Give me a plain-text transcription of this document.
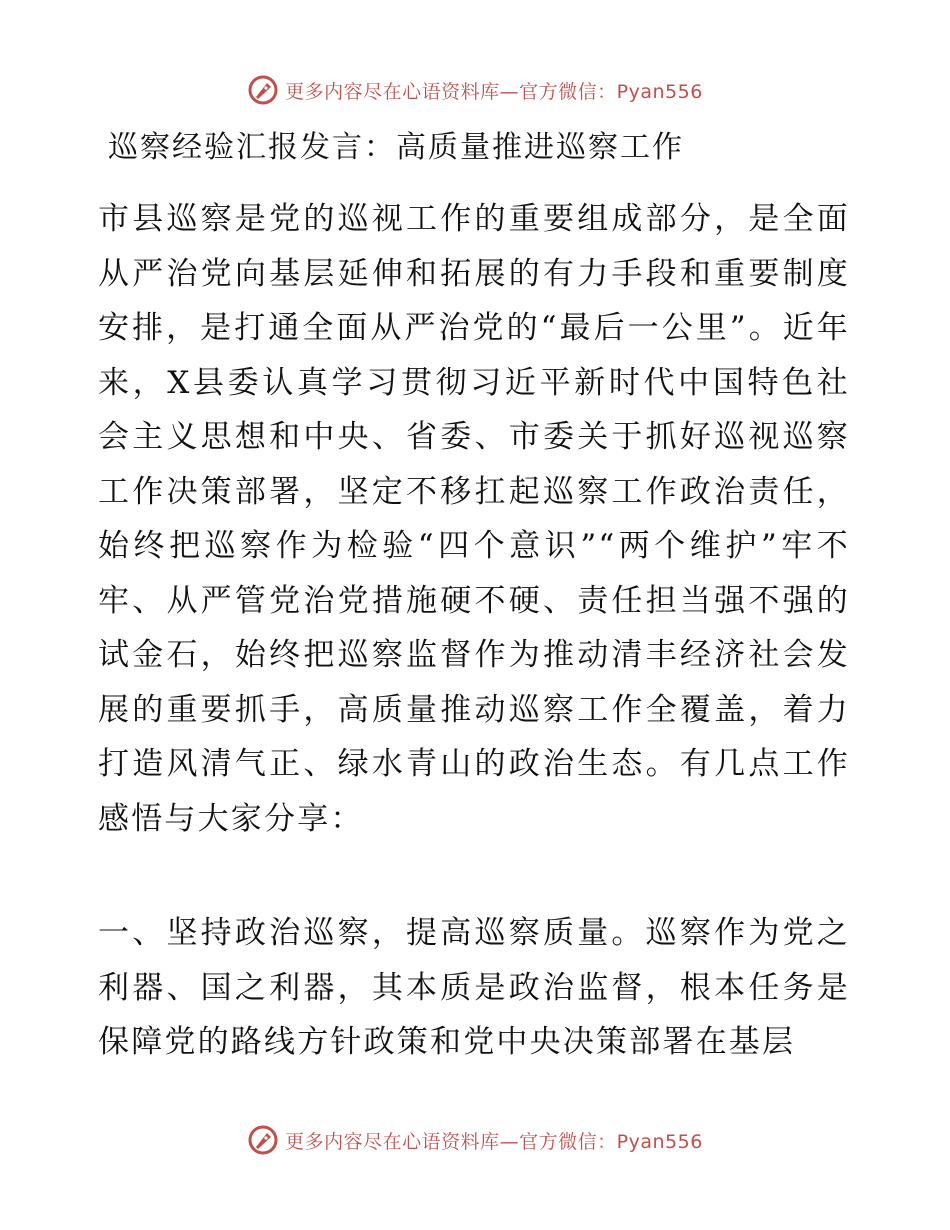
更多内容尽在心语资料库—官方微信：Pyan556
巡察经验汇报发言：高质量推进巡察工作

市县巡察是党的巡视工作的重要组成部分，是全面从严治党向基层延伸和拓展的有力手段和重要制度安排，是打通全面从严治党的“最后一公里”。近年来，X县委认真学习贯彻习近平新时代中国特色社会主义思想和中央、省委、市委关于抓好巡视巡察工作决策部署，坚定不移扛起巡察工作政治责任，始终把巡察作为检验“四个意识”“两个维护”牢不牢、从严管党治党措施硬不硬、责任担当强不强的试金石，始终把巡察监督作为推动清丰经济社会发展的重要抓手，高质量推动巡察工作全覆盖，着力打造风清气正、绿水青山的政治生态。有几点工作感悟与大家分享：

一、坚持政治巡察，提高巡察质量。巡察作为党之利器、国之利器，其本质是政治监督，根本任务是保障党的路线方针政策和党中央决策部署在基层

更多内容尽在心语资料库—官方微信：Pyan556
